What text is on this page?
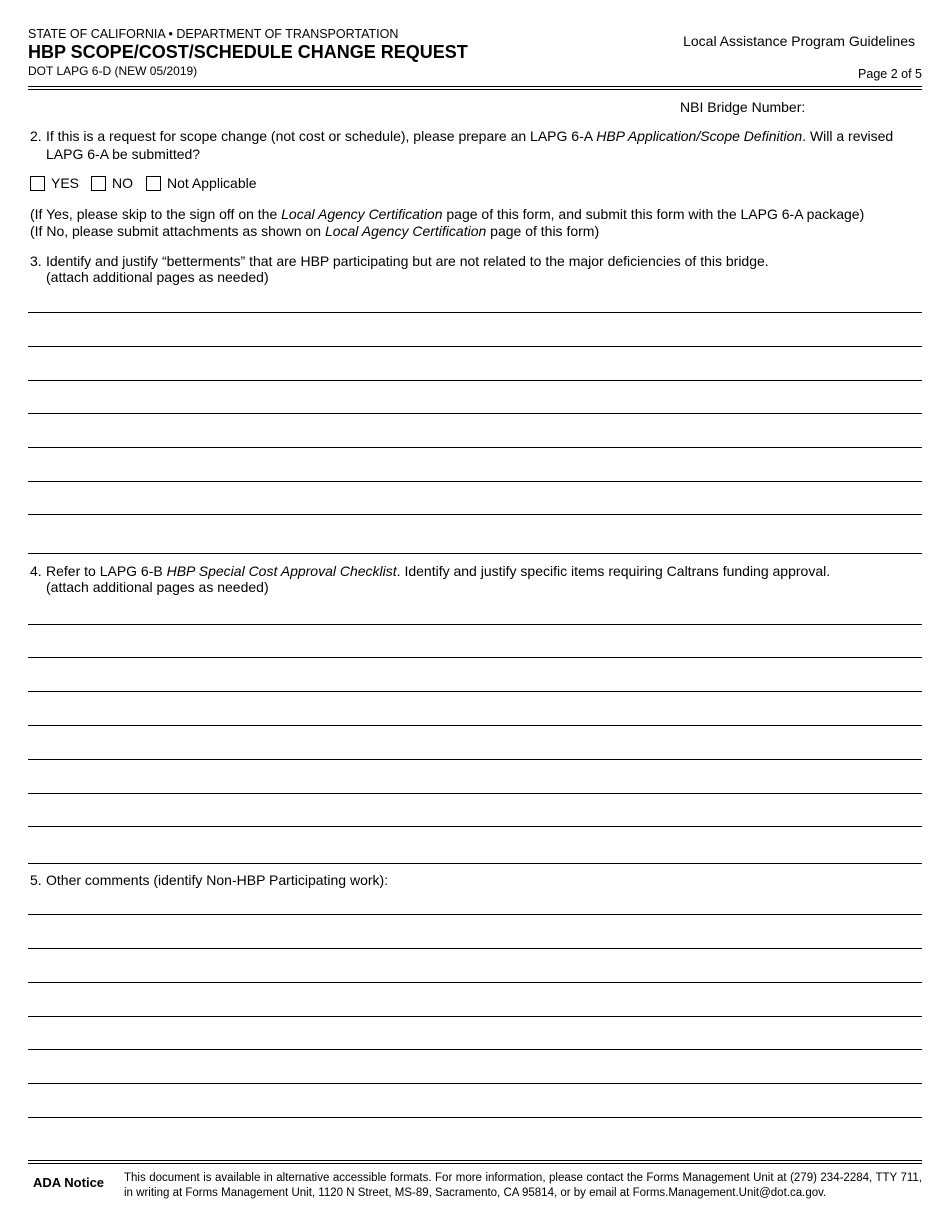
STATE OF CALIFORNIA • DEPARTMENT OF TRANSPORTATION
HBP SCOPE/COST/SCHEDULE CHANGE REQUEST
DOT LAPG 6-D (NEW 05/2019)
Local Assistance Program Guidelines
Page 2 of 5
NBI Bridge Number:
2. If this is a request for scope change (not cost or schedule), please prepare an LAPG 6-A HBP Application/Scope Definition. Will a revised
LAPG 6-A be submitted?
YES NO Not Applicable
(If Yes, please skip to the sign off on the Local Agency Certification page of this form, and submit this form with the LAPG 6-A package)
(If No, please submit attachments as shown on Local Agency Certification page of this form)
3. Identify and justify “betterments” that are HBP participating but are not related to the major deficiencies of this bridge.
(attach additional pages as needed)
4. Refer to LAPG 6-B HBP Special Cost Approval Checklist. Identify and justify specific items requiring Caltrans funding approval.
(attach additional pages as needed)
5. Other comments (identify Non-HBP Participating work):
ADA Notice This document is available in alternative accessible formats. For more information, please contact the Forms Management Unit at (279) 234-2284, TTY 711, in writing at Forms Management Unit, 1120 N Street, MS-89, Sacramento, CA 95814, or by email at Forms.Management.Unit@dot.ca.gov.
